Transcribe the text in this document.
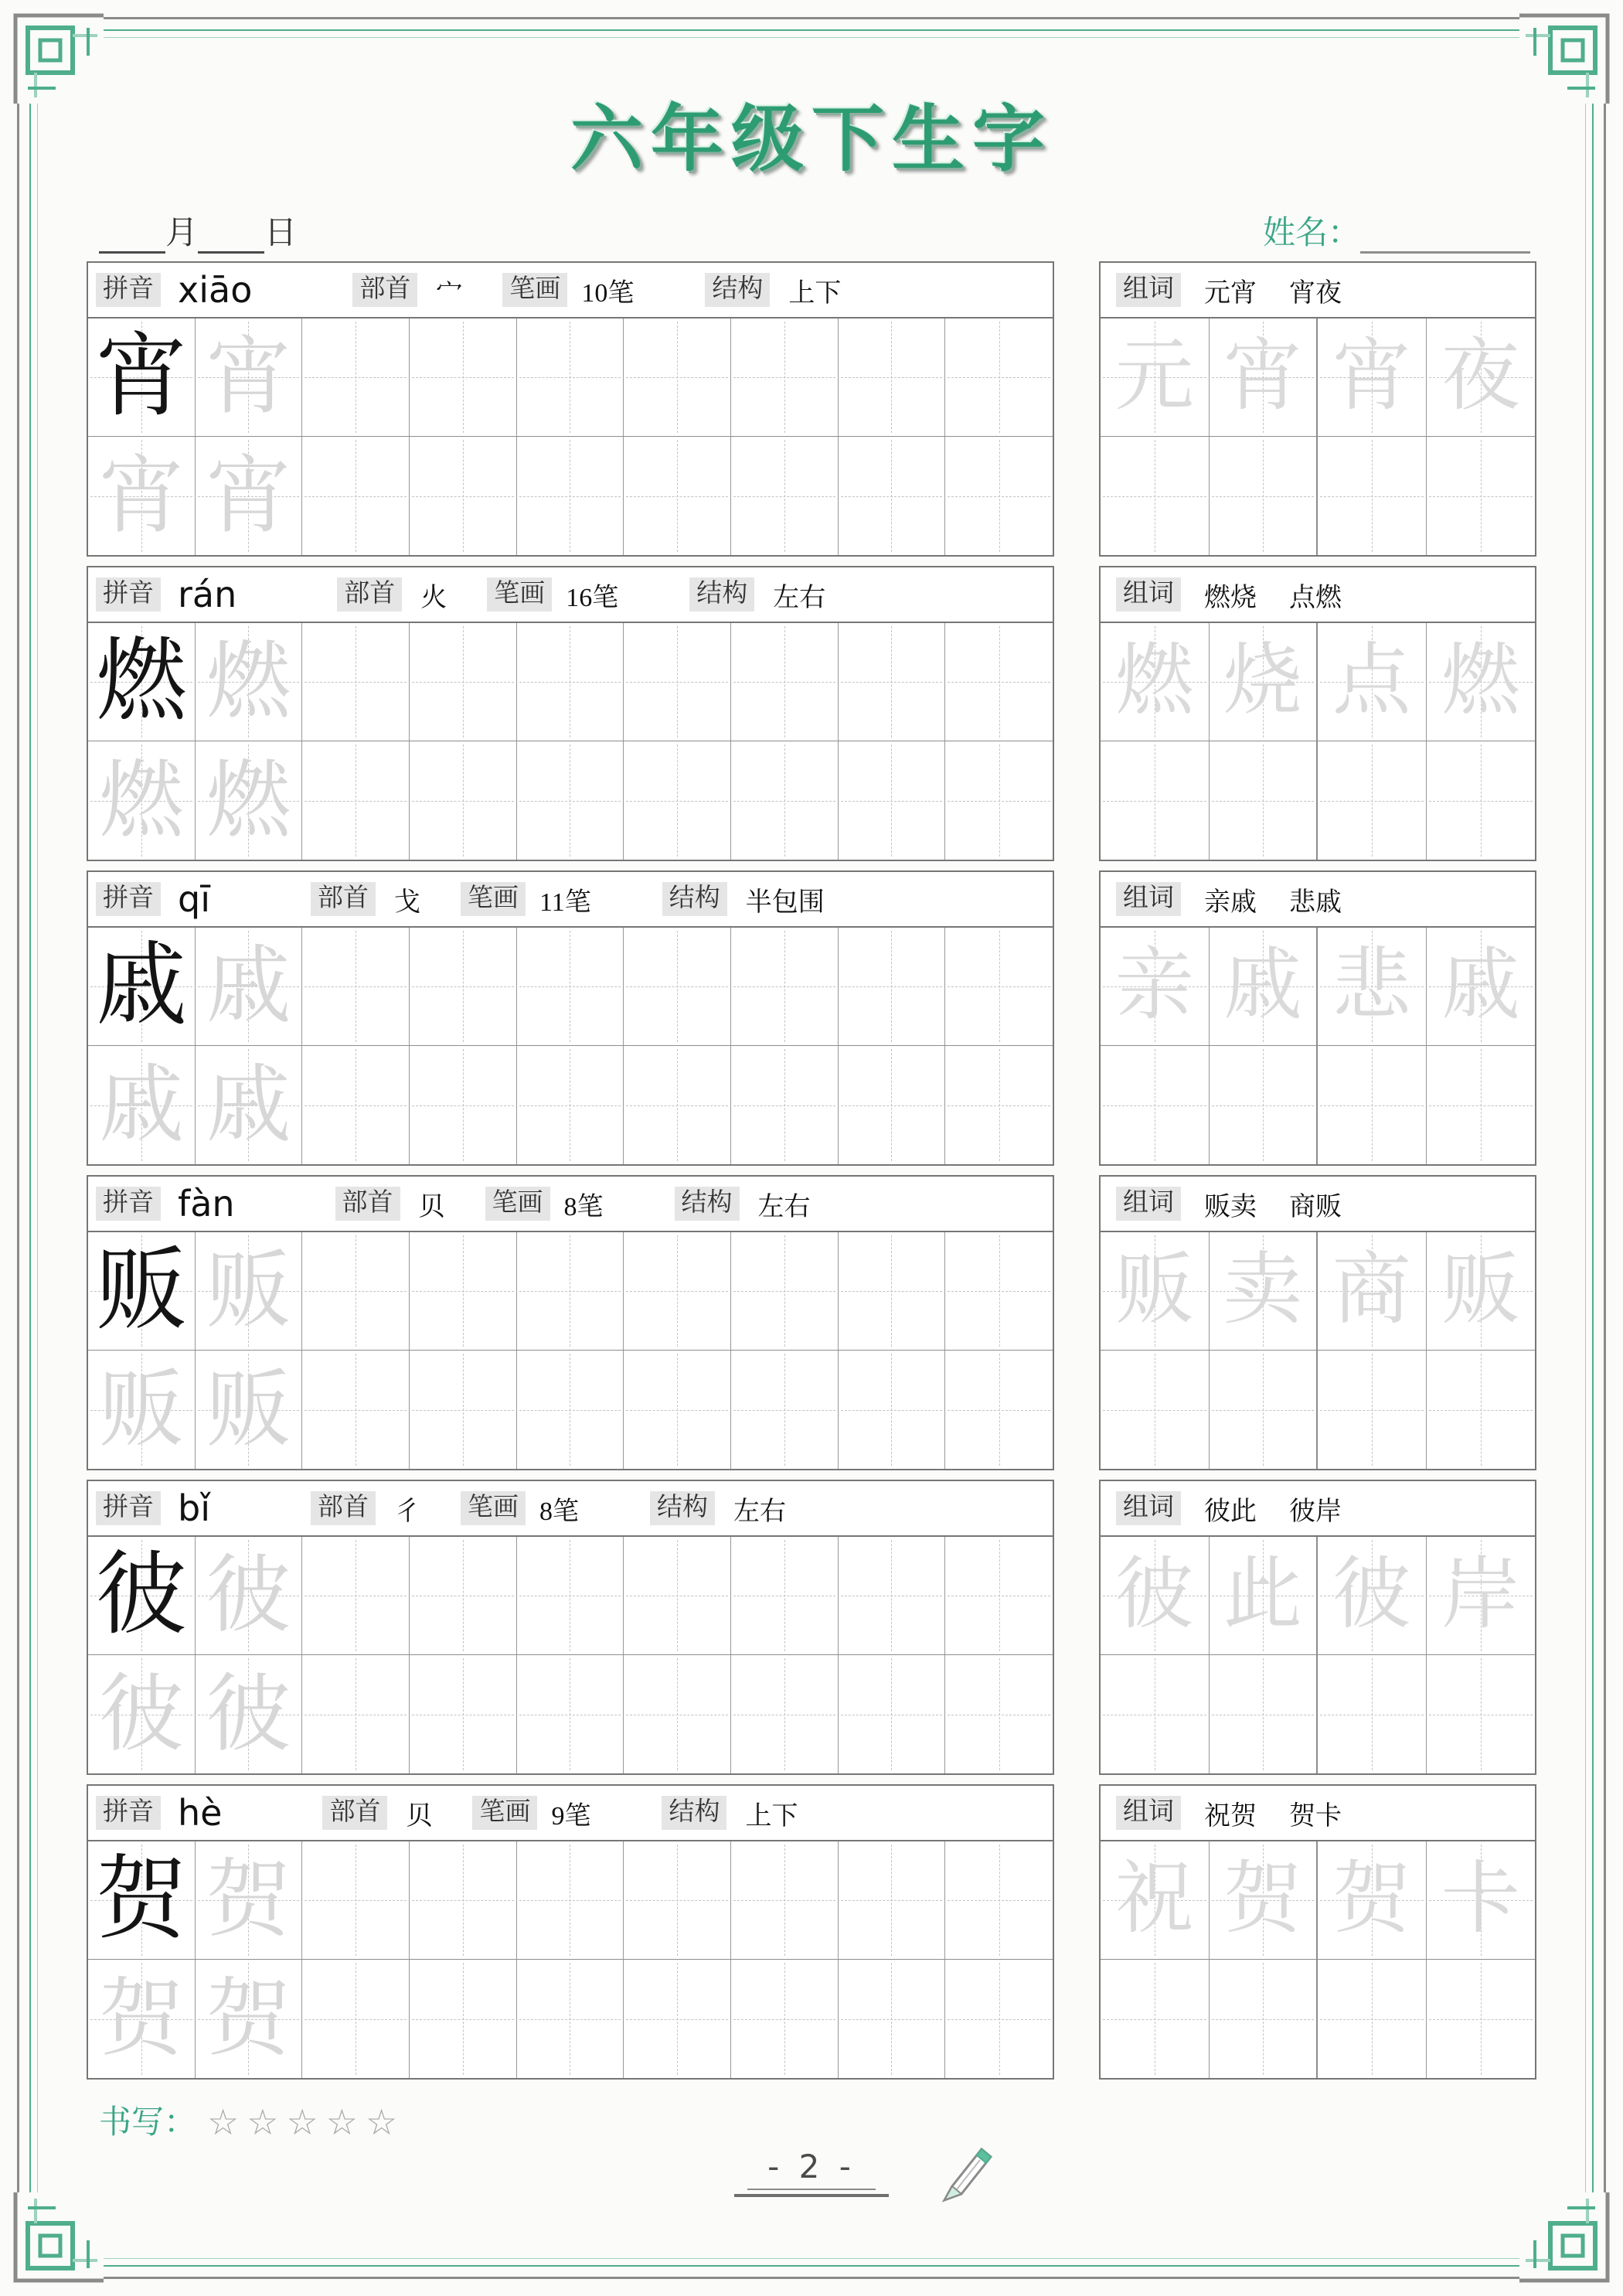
六年级下生字
月 日	姓名：
拼音 xiāo	部首 宀 笔画 10笔	结构 上下
宵 宵
宵 宵
组词 元宵 宵夜
元 宵 宵 夜
拼音 rán	部首 火 笔画 16笔	结构 左右
燃 燃
燃 燃
组词 燃烧 点燃
燃 烧 点 燃
拼音 qī	部首 戈 笔画 11笔	结构 半包围
戚 戚
戚 戚
组词 亲戚 悲戚
亲 戚 悲 戚
拼音 fàn	部首 贝 笔画 8笔	结构 左右
贩 贩
贩 贩
组词 贩卖 商贩
贩 卖 商 贩
拼音 bǐ	部首 彳 笔画 8笔	结构 左右
彼 彼
彼 彼
组词 彼此 彼岸
彼 此 彼 岸
拼音 hè	部首 贝 笔画 9笔	结构 上下
贺 贺
贺 贺
组词 祝贺 贺卡
祝 贺 贺 卡
书写： ☆☆☆☆☆
- 2 -
